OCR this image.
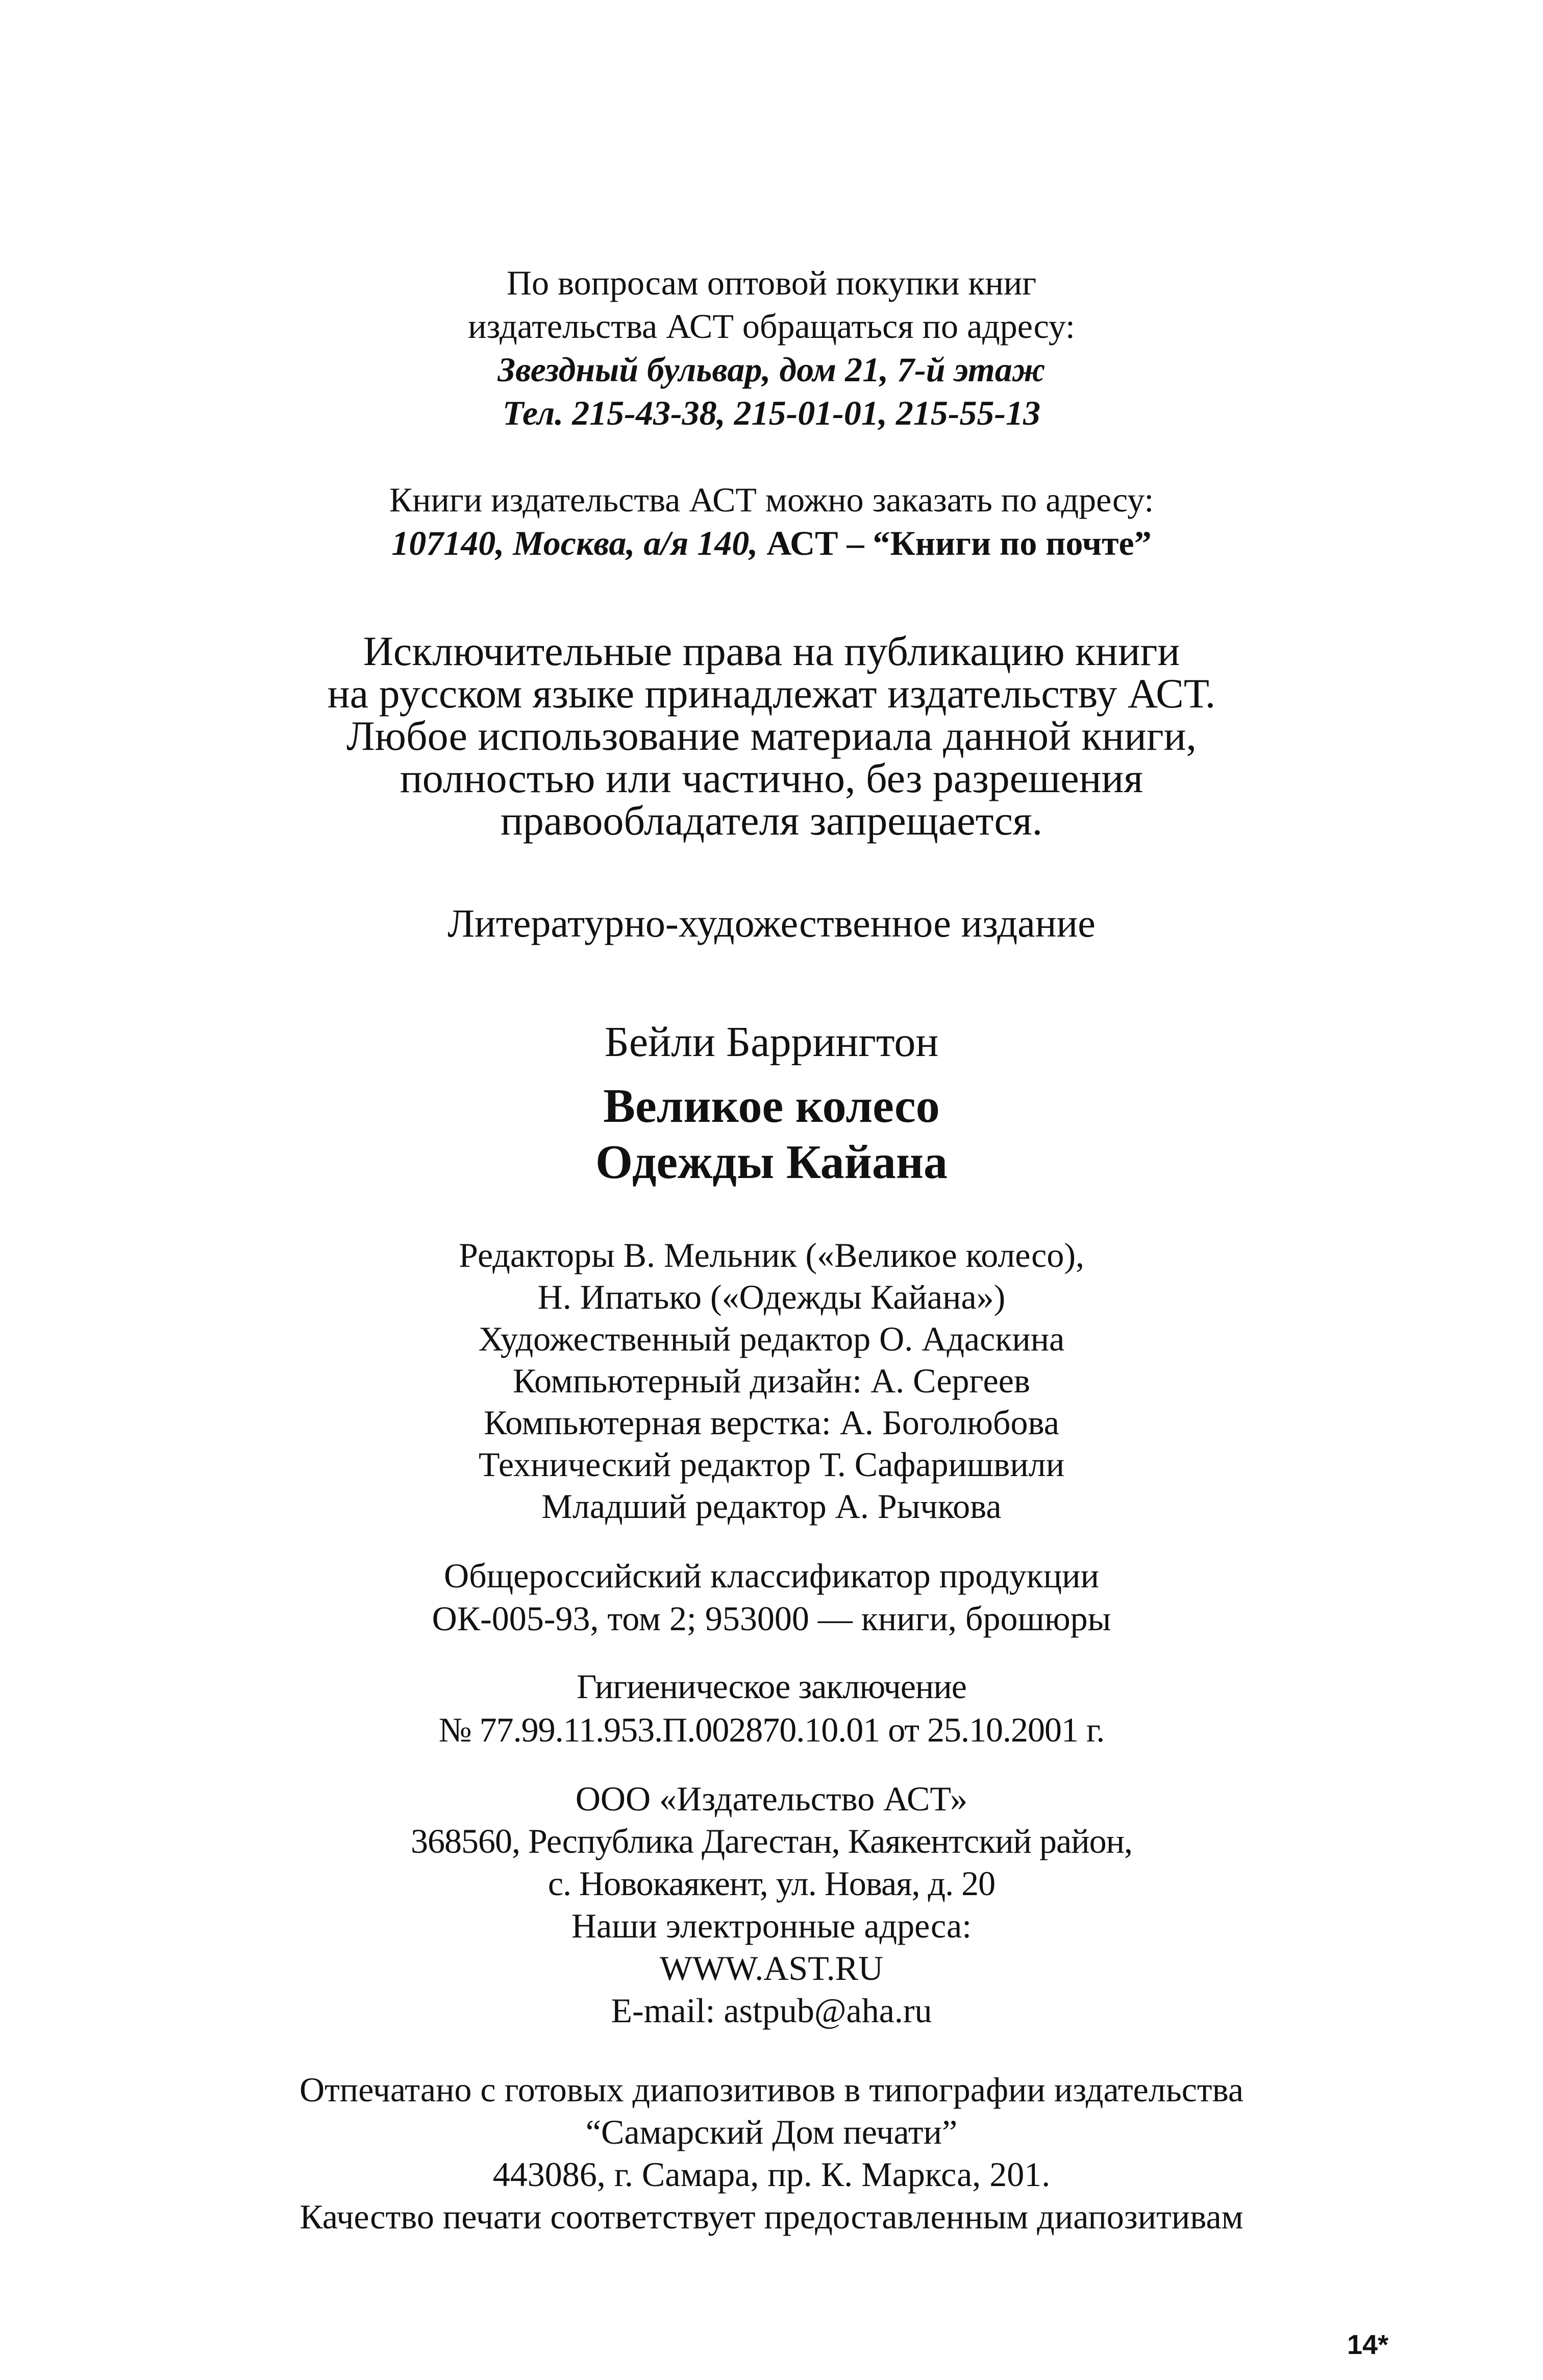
По вопросам оптовой покупки книг
издательства АСТ обращаться по адресу:
Звездный бульвар, дом 21, 7-й этаж
Тел. 215-43-38, 215-01-01, 215-55-13
Книги издательства АСТ можно заказать по адресу:
107140, Москва, а/я 140, АСТ – “Книги по почте”
Исключительные права на публикацию книги
на русском языке принадлежат издательству АСТ.
Любое использование материала данной книги,
полностью или частично, без разрешения
правообладателя запрещается.
Литературно-художественное издание
Бейли Баррингтон
Великое колесо
Одежды Кайана
Редакторы В. Мельник («Великое колесо),
Н. Ипатько («Одежды Кайана»)
Художественный редактор О. Адаскина
Компьютерный дизайн: А. Сергеев
Компьютерная верстка: А. Боголюбова
Технический редактор Т. Сафаришвили
Младший редактор А. Рычкова
Общероссийский классификатор продукции
ОК-005-93, том 2; 953000 — книги, брошюры
Гигиеническое заключение
№ 77.99.11.953.П.002870.10.01 от 25.10.2001 г.
ООО «Издательство АСТ»
368560, Республика Дагестан, Каякентский район,
с. Новокаякент, ул. Новая, д. 20
Наши электронные адреса:
WWW.AST.RU
E-mail: astpub@aha.ru
Отпечатано с готовых диапозитивов в типографии издательства
“Самарский Дом печати”
443086, г. Самара, пр. К. Маркса, 201.
Качество печати соответствует предоставленным диапозитивам
14*
